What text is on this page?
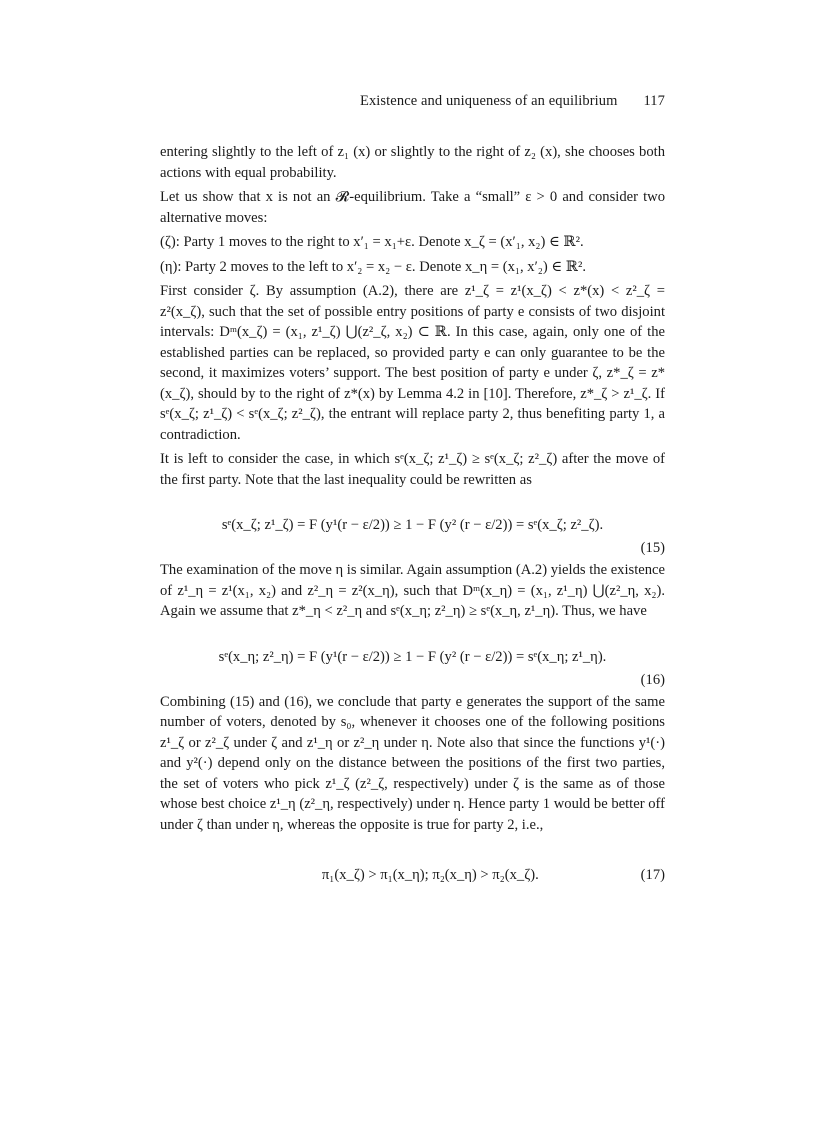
Existence and uniqueness of an equilibrium 117

entering slightly to the left of z₁ (x) or slightly to the right of z₂ (x), she chooses both actions with equal probability.

Let us show that x is not an 𝓡-equilibrium. Take a “small” ε > 0 and consider two alternative moves:

(ζ): Party 1 moves to the right to x′₁ = x₁+ε. Denote x_ζ = (x′₁, x₂) ∈ ℝ².

(η): Party 2 moves to the left to x′₂ = x₂ − ε. Denote x_η = (x₁, x′₂) ∈ ℝ².

First consider ζ. By assumption (A.2), there are z¹_ζ = z¹(x_ζ) < z*(x) < z²_ζ = z²(x_ζ), such that the set of possible entry positions of party e consists of two disjoint intervals: Dᵐ(x_ζ) = (x₁, z¹_ζ) ⋃(z²_ζ, x₂) ⊂ ℝ. In this case, again, only one of the established parties can be replaced, so provided party e can only guarantee to be the second, it maximizes voters’ support. The best position of party e under ζ, z*_ζ = z*(x_ζ), should by to the right of z*(x) by Lemma 4.2 in [10]. Therefore, z*_ζ > z¹_ζ. If sᵉ(x_ζ; z¹_ζ) < sᵉ(x_ζ; z²_ζ), the entrant will replace party 2, thus benefiting party 1, a contradiction.

It is left to consider the case, in which sᵉ(x_ζ; z¹_ζ) ≥ sᵉ(x_ζ; z²_ζ) after the move of the first party. Note that the last inequality could be rewritten as

sᵉ(x_ζ; z¹_ζ) = F (y¹(r − ε/2)) ≥ 1 − F (y² (r − ε/2)) = sᵉ(x_ζ; z²_ζ).
(15)

The examination of the move η is similar. Again assumption (A.2) yields the existence of z¹_η = z¹(x₁, x₂) and z²_η = z²(x_η), such that Dᵐ(x_η) = (x₁, z¹_η) ⋃(z²_η, x₂). Again we assume that z*_η < z²_η and sᵉ(x_η; z²_η) ≥ sᵉ(x_η, z¹_η). Thus, we have

sᵉ(x_η; z²_η) = F (y¹(r − ε/2)) ≥ 1 − F (y² (r − ε/2)) = sᵉ(x_η; z¹_η).
(16)

Combining (15) and (16), we conclude that party e generates the support of the same number of voters, denoted by s₀, whenever it chooses one of the following positions z¹_ζ or z²_ζ under ζ and z¹_η or z²_η under η. Note also that since the functions y¹(·) and y²(·) depend only on the distance between the positions of the first two parties, the set of voters who pick z¹_ζ (z²_ζ, respectively) under ζ is the same as of those whose best choice z¹_η (z²_η, respectively) under η. Hence party 1 would be better off under ζ than under η, whereas the opposite is true for party 2, i.e.,

π₁(x_ζ) > π₁(x_η); π₂(x_η) > π₂(x_ζ).	(17)
